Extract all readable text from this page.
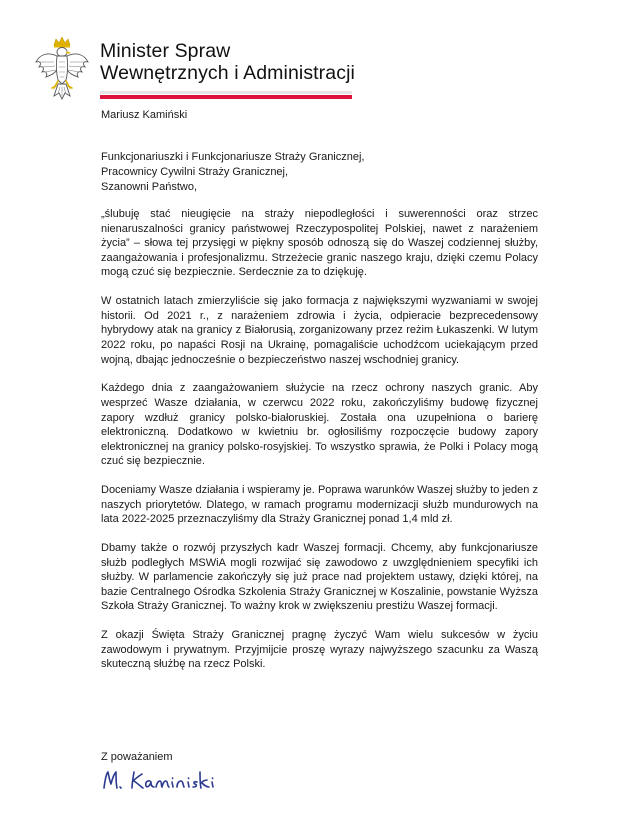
Minister Spraw
Wewnętrznych i Administracji
Mariusz Kamiński
Funkcjonariuszki i Funkcjonariusze Straży Granicznej,
Pracownicy Cywilni Straży Granicznej,
Szanowni Państwo,

„ślubuję stać nieugięcie na straży niepodległości i suwerenności oraz strzec nienaruszalności granicy państwowej Rzeczypospolitej Polskiej, nawet z narażeniem życia” – słowa tej przysięgi w piękny sposób odnoszą się do Waszej codziennej służby, zaangażowania i profesjonalizmu. Strzeżecie granic naszego kraju, dzięki czemu Polacy mogą czuć się bezpiecznie. Serdecznie za to dziękuję.

W ostatnich latach zmierzyliście się jako formacja z największymi wyzwaniami w swojej historii. Od 2021 r., z narażeniem zdrowia i życia, odpieracie bezprecedensowy hybrydowy atak na granicy z Białorusią, zorganizowany przez reżim Łukaszenki. W lutym 2022 roku, po napaści Rosji na Ukrainę, pomagaliście uchodźcom uciekającym przed wojną, dbając jednocześnie o bezpieczeństwo naszej wschodniej granicy.

Każdego dnia z zaangażowaniem służycie na rzecz ochrony naszych granic. Aby wesprzeć Wasze działania, w czerwcu 2022 roku, zakończyliśmy budowę fizycznej zapory wzdłuż granicy polsko-białoruskiej. Została ona uzupełniona o barierę elektroniczną. Dodatkowo w kwietniu br. ogłosiliśmy rozpoczęcie budowy zapory elektronicznej na granicy polsko-rosyjskiej. To wszystko sprawia, że Polki i Polacy mogą czuć się bezpiecznie.

Doceniamy Wasze działania i wspieramy je. Poprawa warunków Waszej służby to jeden z naszych priorytetów. Dlatego, w ramach programu modernizacji służb mundurowych na lata 2022-2025 przeznaczyliśmy dla Straży Granicznej ponad 1,4 mld zł.

Dbamy także o rozwój przyszłych kadr Waszej formacji. Chcemy, aby funkcjonariusze służb podległych MSWiA mogli rozwijać się zawodowo z uwzględnieniem specyfiki ich służby. W parlamencie zakończyły się już prace nad projektem ustawy, dzięki której, na bazie Centralnego Ośrodka Szkolenia Straży Granicznej w Koszalinie, powstanie Wyższa Szkoła Straży Granicznej. To ważny krok w zwiększeniu prestiżu Waszej formacji.

Z okazji Święta Straży Granicznej pragnę życzyć Wam wielu sukcesów w życiu zawodowym i prywatnym. Przyjmijcie proszę wyrazy najwyższego szacunku za Waszą skuteczną służbę na rzecz Polski.

Z poważaniem
